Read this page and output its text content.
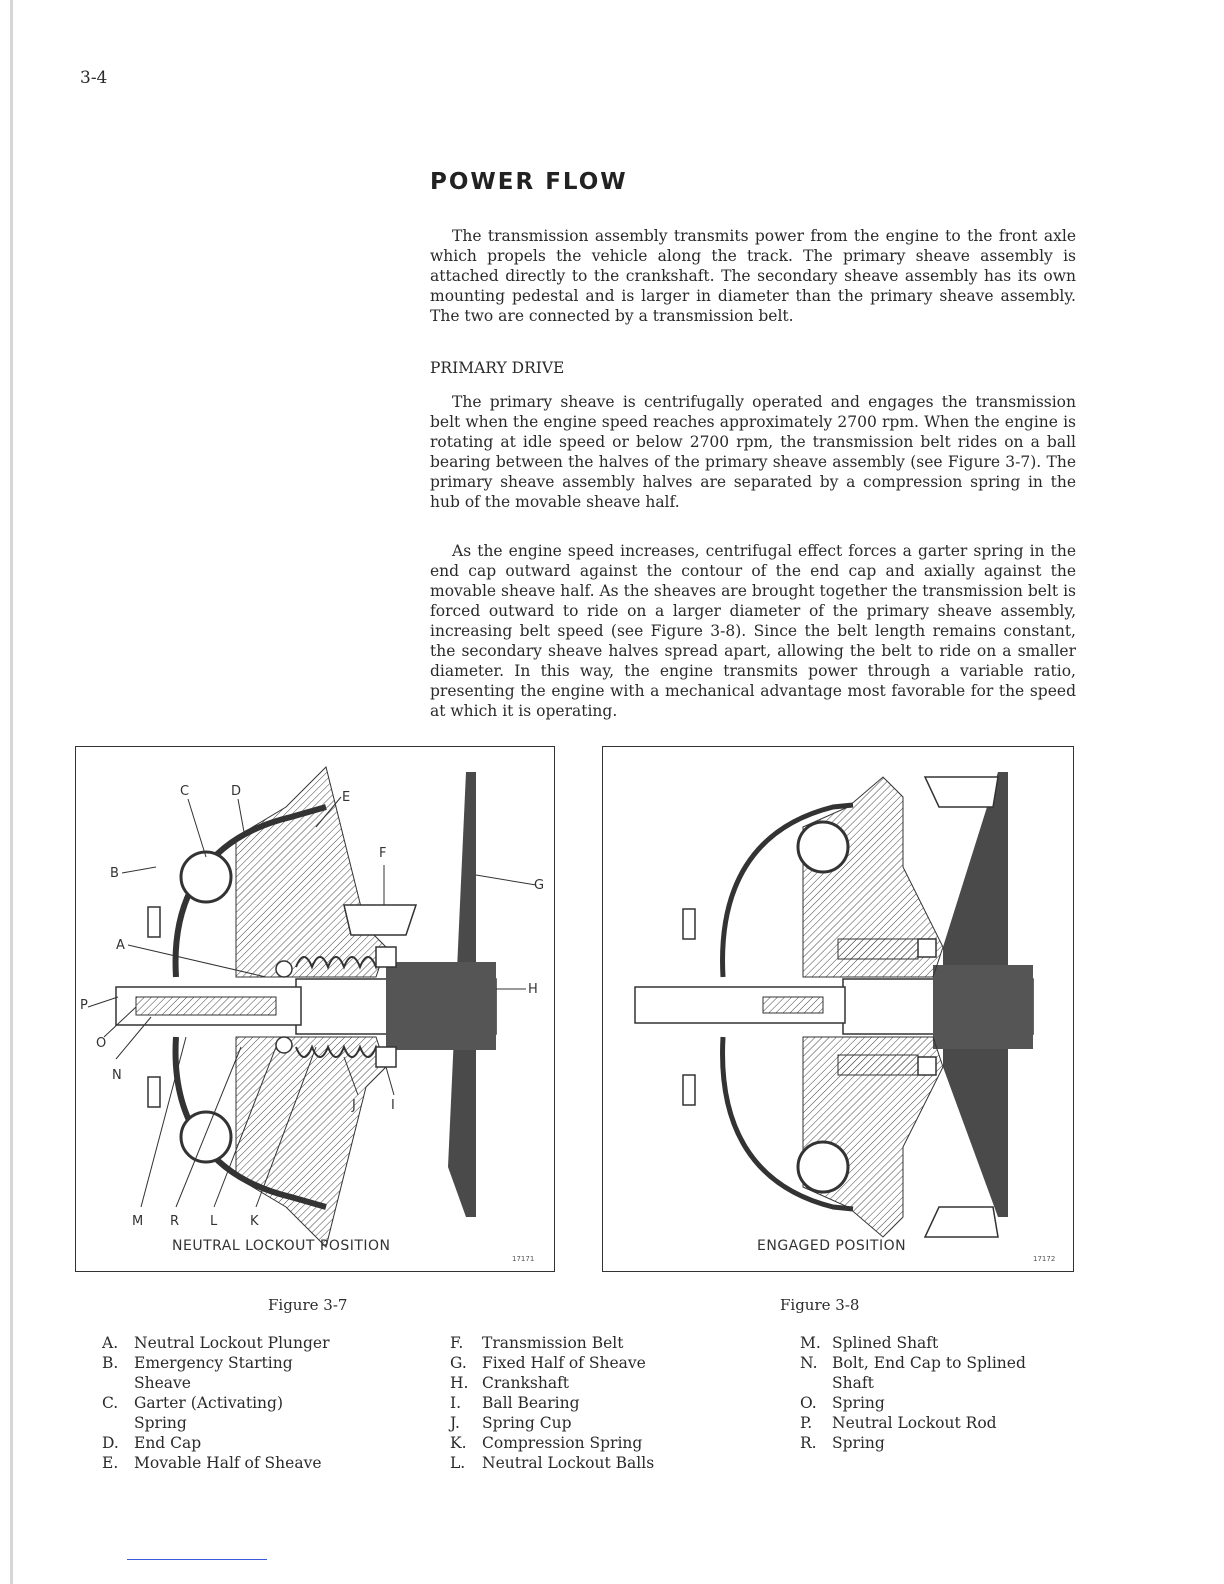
3-4
POWER FLOW
The transmission assembly transmits power from the engine to the front axle which propels the vehicle along the track. The primary sheave assembly is attached directly to the crankshaft. The secondary sheave assembly has its own mounting pedestal and is larger in diameter than the primary sheave assembly. The two are connected by a transmission belt.
PRIMARY DRIVE
The primary sheave is centrifugally operated and engages the transmission belt when the engine speed reaches approximately 2700 rpm. When the engine is rotating at idle speed or below 2700 rpm, the transmission belt rides on a ball bearing between the halves of the primary sheave assembly (see Figure 3-7). The primary sheave assembly halves are separated by a compression spring in the hub of the movable sheave half.
As the engine speed increases, centrifugal effect forces a garter spring in the end cap outward against the contour of the end cap and axially against the movable sheave half. As the sheaves are brought together the transmission belt is forced outward to ride on a larger diameter of the primary sheave assembly, increasing belt speed (see Figure 3-8). Since the belt length remains constant, the secondary sheave halves spread apart, allowing the belt to ride on a smaller diameter. In this way, the engine transmits power through a variable ratio, presenting the engine with a mechanical advantage most favorable for the speed at which it is operating.
C	D	E
F
B
G
A
H
P
O
N
J	I
M R L	K
NEUTRAL LOCKOUT POSITION
17171
ENGAGED POSITION
17172
Figure 3-7	Figure 3-8
A.	Neutral Lockout Plunger
B.	Emergency Starting Sheave
C.	Garter (Activating) Spring
D. End Cap
E.	Movable Half of Sheave
F.	Transmission Belt
G. Fixed Half of Sheave
H. Crankshaft
I.	Ball Bearing
J.	Spring Cup
K. Compression Spring
L.	Neutral Lockout Balls
M. Splined Shaft
N. Bolt, End Cap to Splined Shaft
O. Spring
P.	Neutral Lockout Rod
R. Spring
